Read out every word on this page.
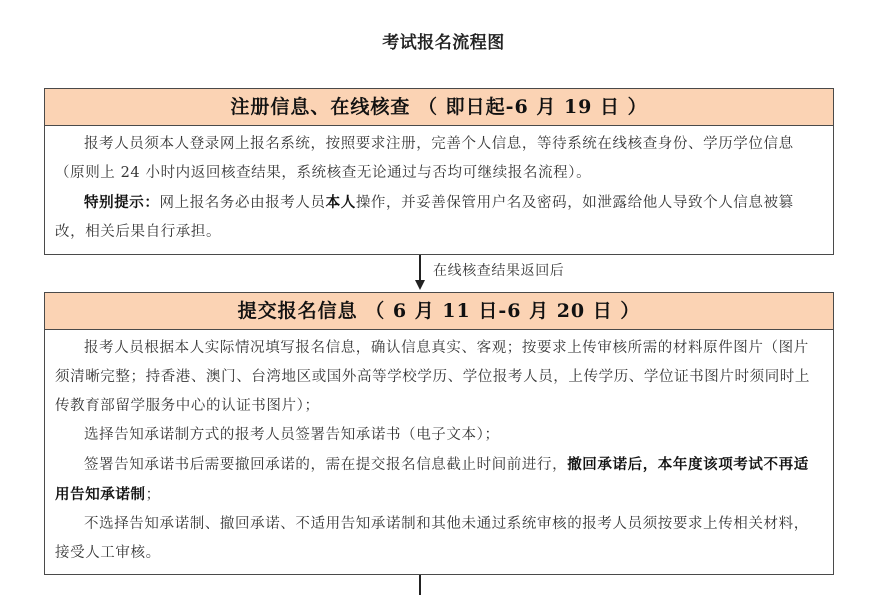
考试报名流程图
注册信息、在线核查 （ 即日起-6 月 19 日 ）

报考人员须本人登录网上报名系统，按照要求注册，完善个人信息，等待系统在线核查身份、学历学位信息（原则上 24 小时内返回核查结果，系统核查无论通过与否均可继续报名流程）。

特别提示：网上报名务必由报考人员本人操作，并妥善保管用户名及密码，如泄露给他人导致个人信息被篡改，相关后果自行承担。

在线核查结果返回后
提交报名信息 （ 6 月 11 日-6 月 20 日 ）

报考人员根据本人实际情况填写报名信息，确认信息真实、客观；按要求上传审核所需的材料原件图片（图片须清晰完整；持香港、澳门、台湾地区或国外高等学校学历、学位报考人员，上传学历、学位证书图片时须同时上传教育部留学服务中心的认证书图片）；

选择告知承诺制方式的报考人员签署告知承诺书（电子文本）；

签署告知承诺书后需要撤回承诺的，需在提交报名信息截止时间前进行，撤回承诺后，本年度该项考试不再适用告知承诺制；

不选择告知承诺制、撤回承诺、不适用告知承诺制和其他未通过系统审核的报考人员须按要求上传相关材料，接受人工审核。
